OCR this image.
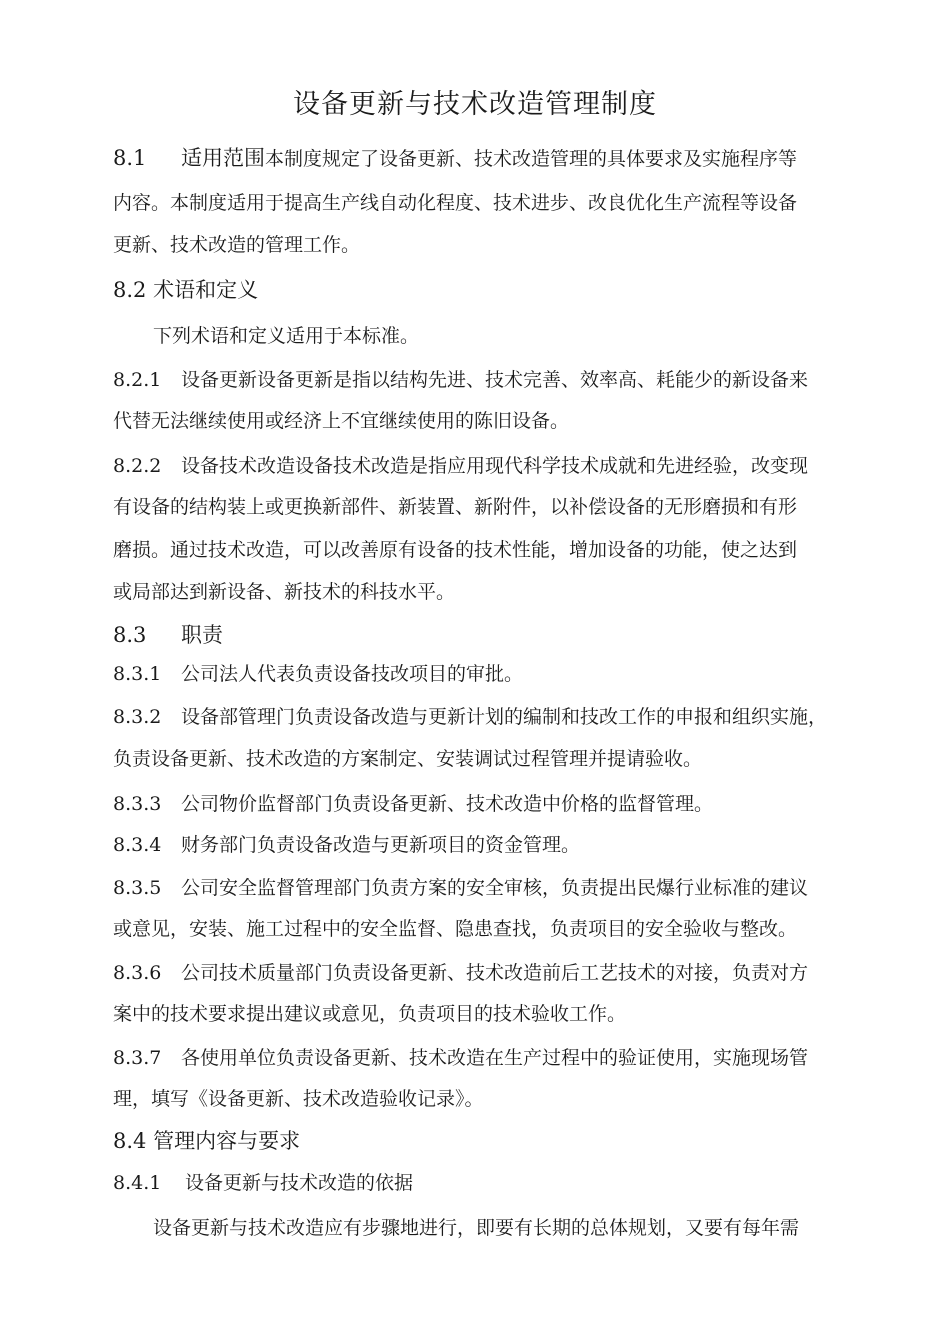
设备更新与技术改造管理制度
8.1 适用范围本制度规定了设备更新、技术改造管理的具体要求及实施程序等
内容。本制度适用于提高生产线自动化程度、技术进步、改良优化生产流程等设备
更新、技术改造的管理工作。
8.2 术语和定义
下列术语和定义适用于本标准。
8.2.1 设备更新设备更新是指以结构先进、技术完善、效率高、耗能少的新设备来
代替无法继续使用或经济上不宜继续使用的陈旧设备。
8.2.2 设备技术改造设备技术改造是指应用现代科学技术成就和先进经验，改变现
有设备的结构装上或更换新部件、新装置、新附件，以补偿设备的无形磨损和有形
磨损。通过技术改造，可以改善原有设备的技术性能，增加设备的功能，使之达到
或局部达到新设备、新技术的科技水平。
8.3 职责
8.3.1 公司法人代表负责设备技改项目的审批。
8.3.2 设备部管理门负责设备改造与更新计划的编制和技改工作的申报和组织实施，
负责设备更新、技术改造的方案制定、安装调试过程管理并提请验收。
8.3.3 公司物价监督部门负责设备更新、技术改造中价格的监督管理。
8.3.4 财务部门负责设备改造与更新项目的资金管理。
8.3.5 公司安全监督管理部门负责方案的安全审核，负责提出民爆行业标准的建议
或意见，安装、施工过程中的安全监督、隐患查找，负责项目的安全验收与整改。
8.3.6 公司技术质量部门负责设备更新、技术改造前后工艺技术的对接，负责对方
案中的技术要求提出建议或意见，负责项目的技术验收工作。
8.3.7 各使用单位负责设备更新、技术改造在生产过程中的验证使用，实施现场管
理，填写《设备更新、技术改造验收记录》。
8.4 管理内容与要求
8.4.1 设备更新与技术改造的依据
设备更新与技术改造应有步骤地进行，即要有长期的总体规划，又要有每年需
